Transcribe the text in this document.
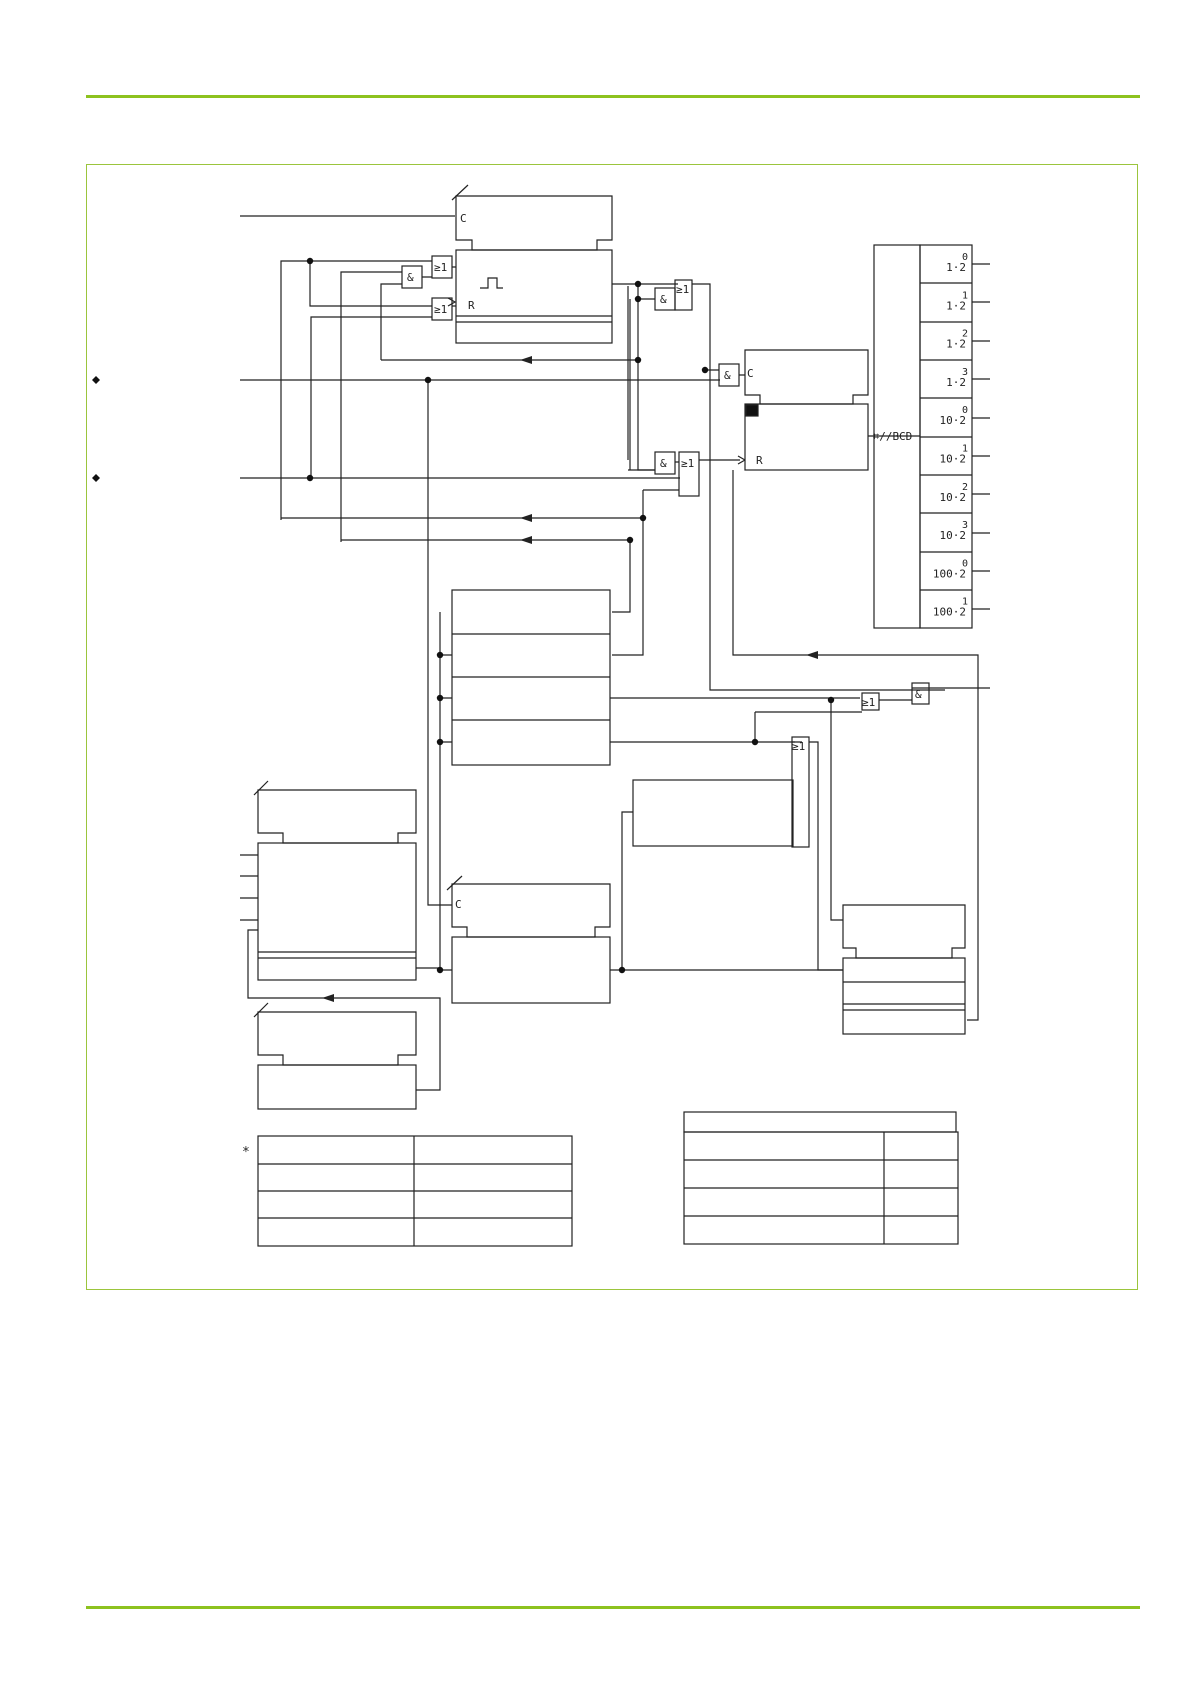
≥1
&
≥1
&
≥1
& ≥1
&
≥1
&
≥1
C
C
C
R
R
⌗//BCD
*
1·2
0
1·2
1
1·2
2
1·2
3
10·2
0
10·2
1
10·2
2
10·2
3
100·2
0
100·2
1
